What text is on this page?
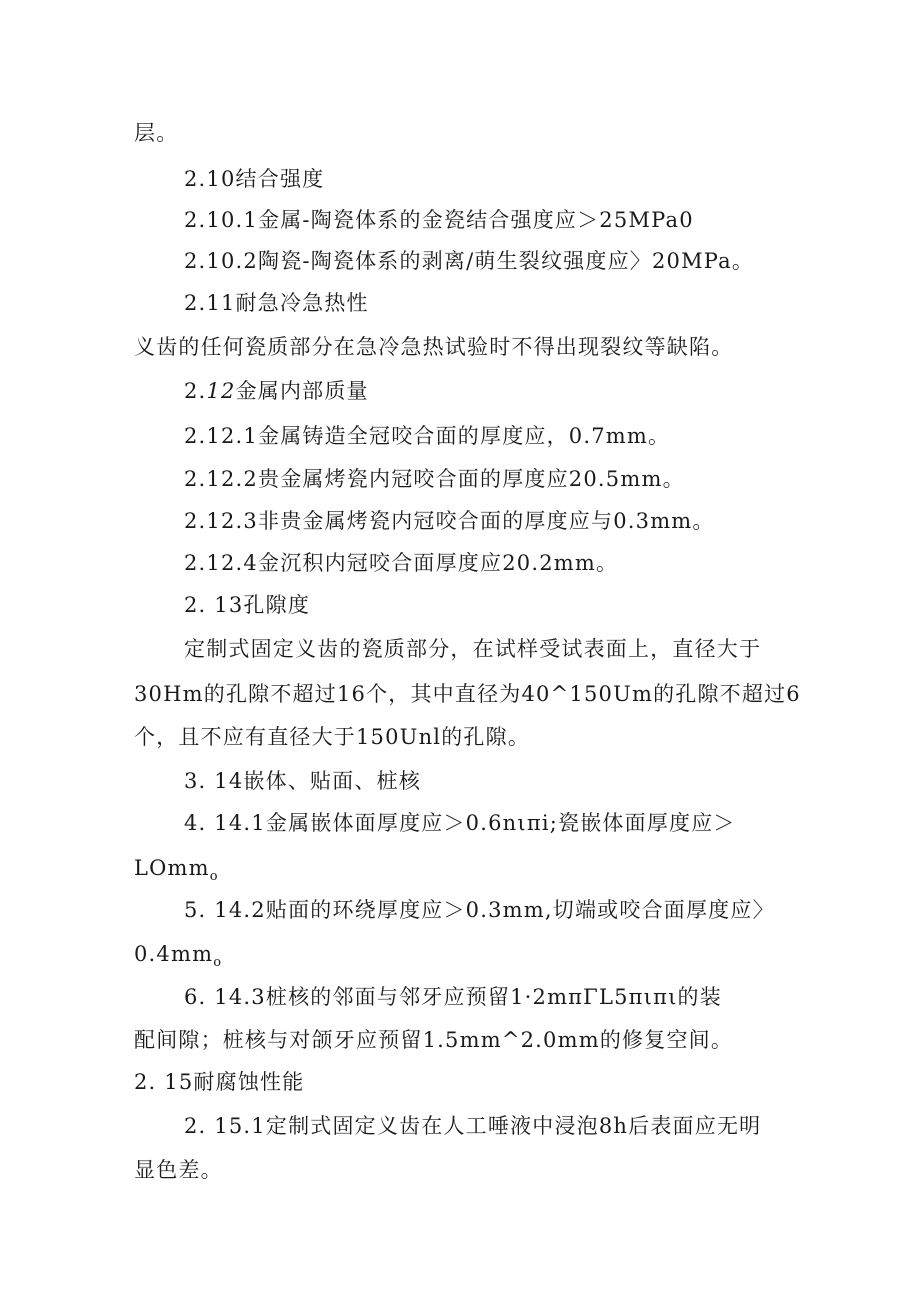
层。
2.10结合强度
2.10.1金属-陶瓷体系的金瓷结合强度应＞25MPa0
2.10.2陶瓷-陶瓷体系的剥离/萌生裂纹强度应〉20MPa。
2.11耐急冷急热性
义齿的任何瓷质部分在急冷急热试验时不得出现裂纹等缺陷。
2.12金属内部质量
2.12.1金属铸造全冠咬合面的厚度应，0.7mm。
2.12.2贵金属烤瓷内冠咬合面的厚度应20.5mm。
2.12.3非贵金属烤瓷内冠咬合面的厚度应与0.3mm。
2.12.4金沉积内冠咬合面厚度应20.2mm。
2. 13孔隙度
定制式固定义齿的瓷质部分，在试样受试表面上，直径大于
30Hm的孔隙不超过16个，其中直径为40^150Um的孔隙不超过6
个，且不应有直径大于150Unl的孔隙。
3. 14嵌体、贴面、桩核
4. 14.1金属嵌体面厚度应＞0.6nιπi;瓷嵌体面厚度应＞
LOmm$_o$
5. 14.2贴面的环绕厚度应＞0.3mm,切端或咬合面厚度应〉
$0.4mm_o$
6. 14.3桩核的邻面与邻牙应预留1·2mπΓL5πιπι的装
配间隙；桩核与对颌牙应预留1.5mm^2.0mm的修复空间。
2. 15耐腐蚀性能
2. 15.1定制式固定义齿在人工唾液中浸泡8h后表面应无明
显色差。
